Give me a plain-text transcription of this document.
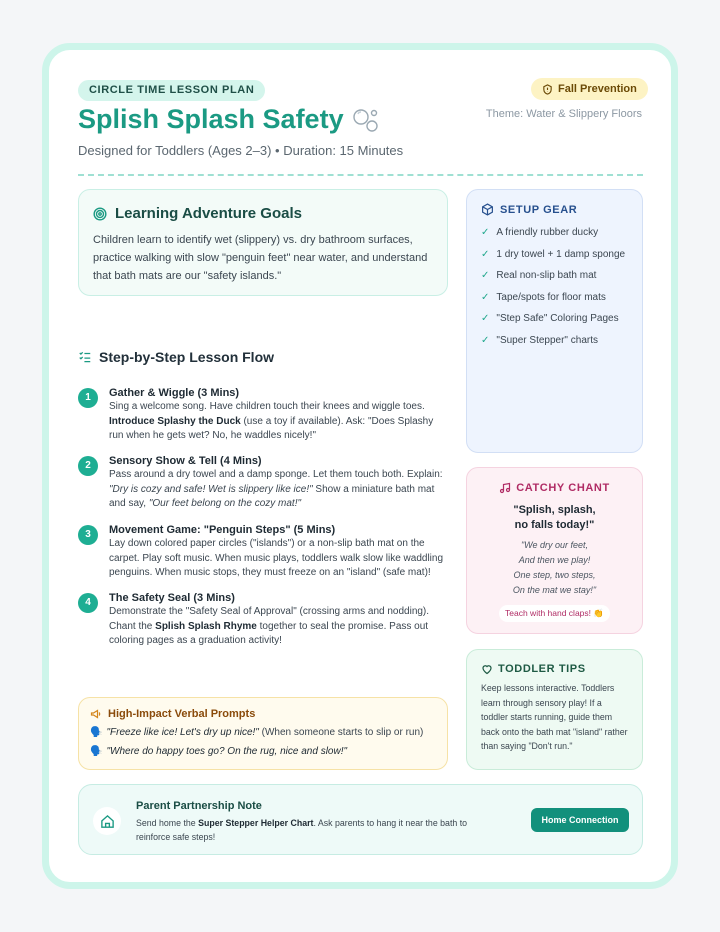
CIRCLE TIME LESSON PLAN	Fall Prevention
Theme: Water & Slippery Floors
Splish Splash Safety
Designed for Toddlers (Ages 2–3) • Duration: 15 Minutes
Learning Adventure Goals

Children learn to identify wet (slippery) vs. dry bathroom surfaces, practice walking with slow "penguin feet" near water, and understand that bath mats are our "safety islands."

SETUP GEAR
✓ A friendly rubber ducky
✓ 1 dry towel + 1 damp sponge
✓ Real non-slip bath mat
✓ Tape/spots for floor mats
✓ "Step Safe" Coloring Pages
✓ "Super Stepper" charts
Step-by-Step Lesson Flow
1	Gather & Wiggle (3 Mins)

Sing a welcome song. Have children touch their knees and wiggle toes.
Introduce Splashy the Duck (use a toy if available). Ask: "Does Splashy run when he gets wet? No, he waddles nicely!"

2	Sensory Show & Tell (4 Mins)

Pass around a dry towel and a damp sponge. Let them touch both. Explain: "Dry is cozy and safe! Wet is slippery like ice!" Show a miniature bath mat and say, "Our feet belong on the cozy mat!"

3	Movement Game: "Penguin Steps" (5 Mins)

Lay down colored paper circles ("islands") or a non-slip bath mat on the carpet. Play soft music. When music plays, toddlers walk slow like waddling penguins. When music stops, they must freeze on an "island" (safe mat)!

4	The Safety Seal (3 Mins)

Demonstrate the "Safety Seal of Approval" (crossing arms and nodding). Chant the Splish Splash Rhyme together to seal the promise. Pass out coloring pages as a graduation activity!

CATCHY CHANT
"Splish, splash,
no falls today!"
"We dry our feet,
And then we play!
One step, two steps,
On the mat we stay!"
Teach with hand claps! 👏
TODDLER TIPS

Keep lessons interactive. Toddlers learn through sensory play! If a toddler starts running, guide them back onto the bath mat "island" rather than saying "Don't run."

High-Impact Verbal Prompts
🗣️ "Freeze like ice! Let's dry up nice!" (When someone starts to slip or run)
🗣️ "Where do happy toes go? On the rug, nice and slow!"
Parent Partnership Note

Send home the Super Stepper Helper Chart. Ask parents to hang it near the bath to reinforce safe steps!

Home Connection
